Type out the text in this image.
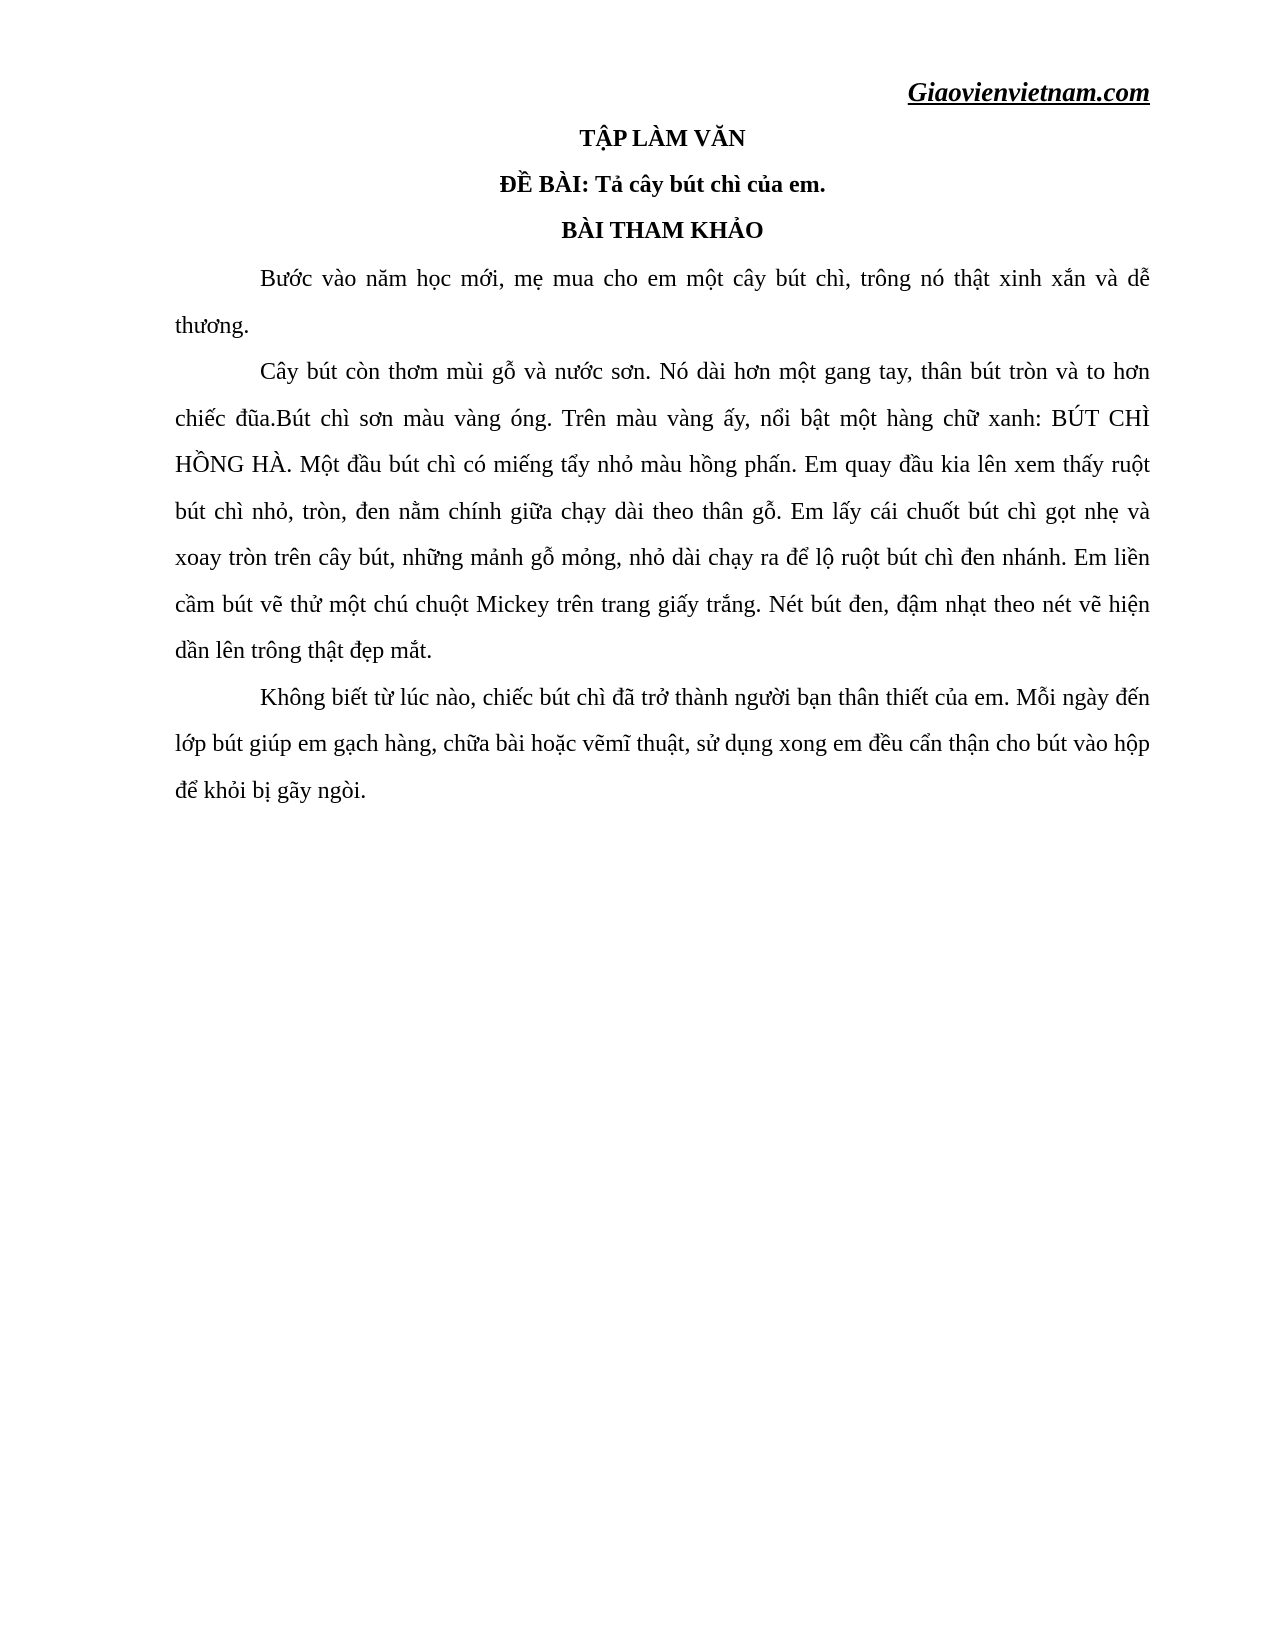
Giaovienvietnam.com
TẬP LÀM VĂN
ĐỀ BÀI: Tả cây bút chì của em.
BÀI THAM KHẢO

Bước vào năm học mới, mẹ mua cho em một cây bút chì, trông nó thật xinh xắn và dễ thương.

Cây bút còn thơm mùi gỗ và nước sơn. Nó dài hơn một gang tay, thân bút tròn và to hơn chiếc đũa.Bút chì sơn màu vàng óng. Trên màu vàng ấy, nổi bật một hàng chữ xanh: BÚT CHÌ HỒNG HÀ. Một đầu bút chì có miếng tẩy nhỏ màu hồng phấn. Em quay đầu kia lên xem thấy ruột bút chì nhỏ, tròn, đen nằm chính giữa chạy dài theo thân gỗ. Em lấy cái chuốt bút chì gọt nhẹ và xoay tròn trên cây bút, những mảnh gỗ mỏng, nhỏ dài chạy ra để lộ ruột bút chì đen nhánh. Em liền cầm bút vẽ thử một chú chuột Mickey trên trang giấy trắng. Nét bút đen, đậm nhạt theo nét vẽ hiện dần lên trông thật đẹp mắt.

Không biết từ lúc nào, chiếc bút chì đã trở thành người bạn thân thiết của em. Mỗi ngày đến lớp bút giúp em gạch hàng, chữa bài hoặc vẽmĩ thuật, sử dụng xong em đều cẩn thận cho bút vào hộp để khỏi bị gãy ngòi.
